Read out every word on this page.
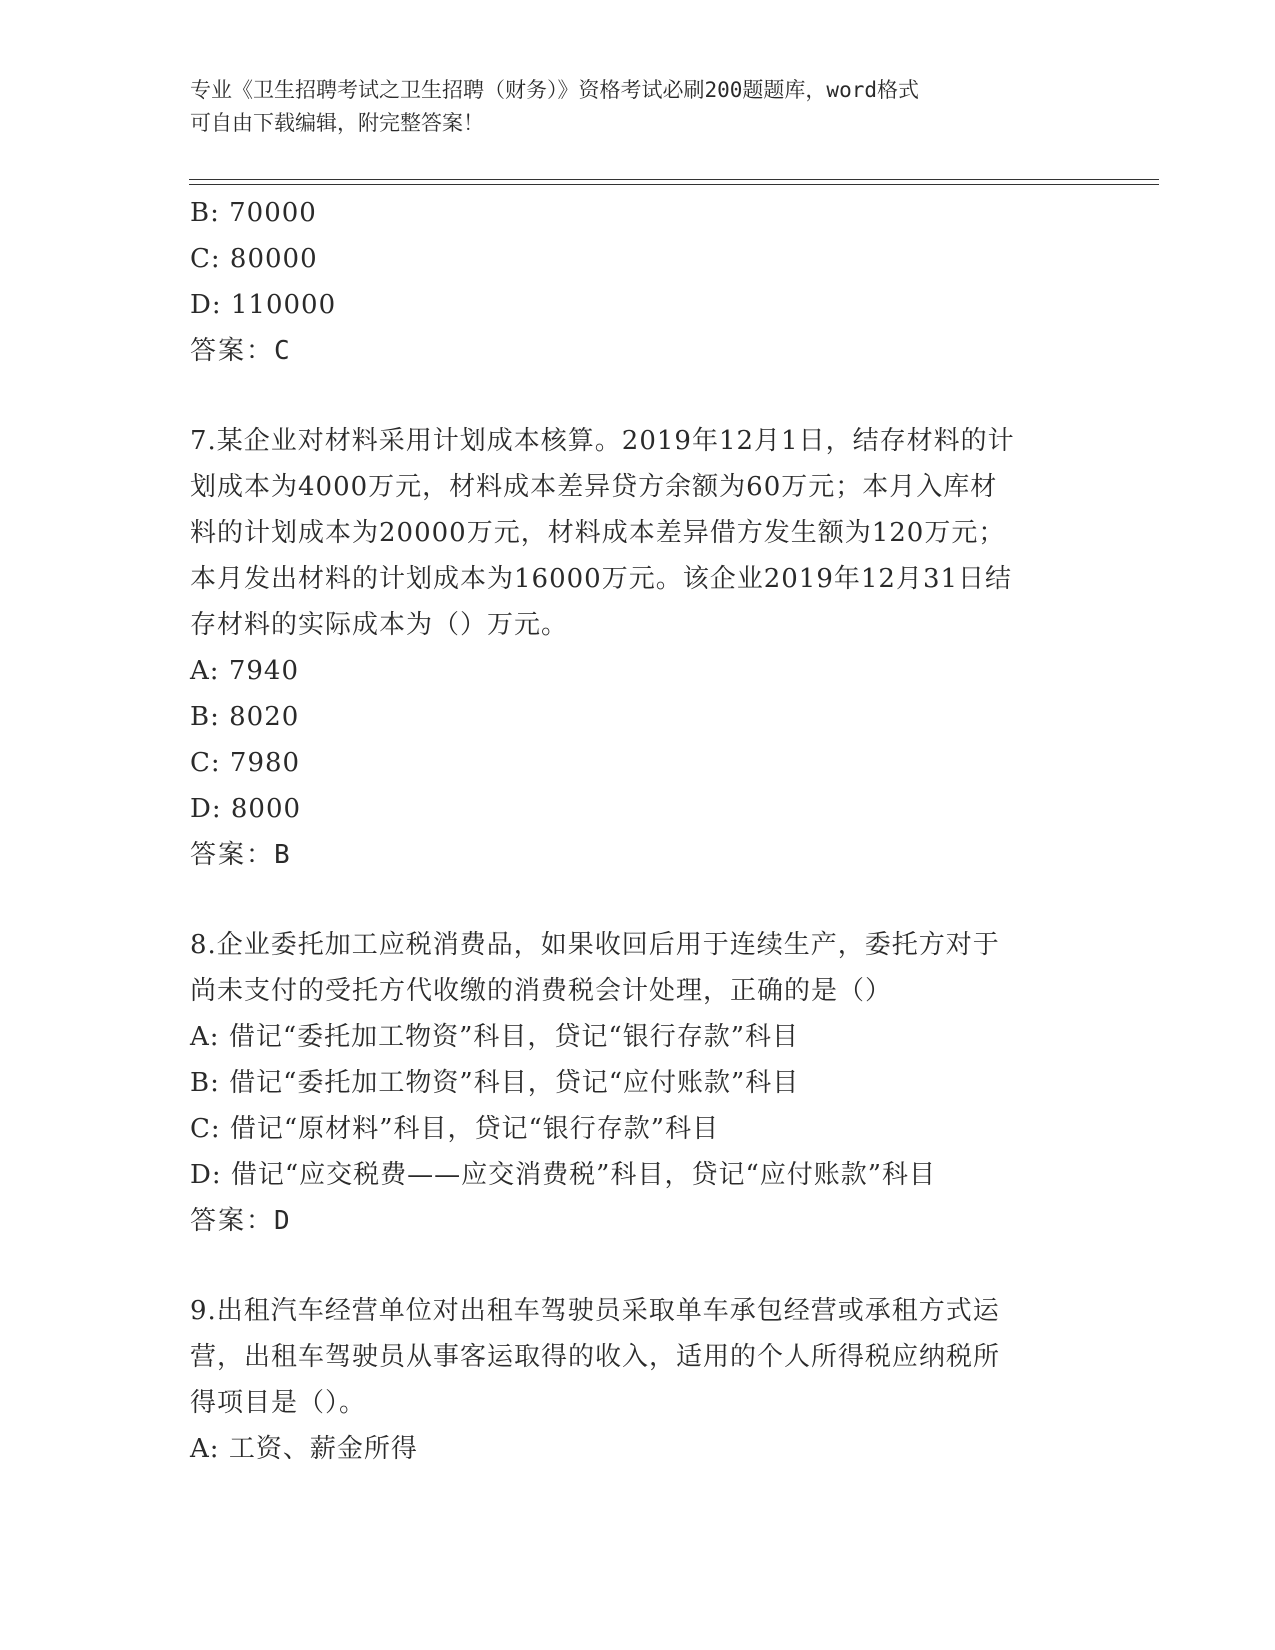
专业《卫生招聘考试之卫生招聘（财务）》资格考试必刷200题题库，word格式
可自由下载编辑，附完整答案！
B: 70000
C: 80000
D: 110000
答案：C
7.某企业对材料采用计划成本核算。2019年12月1日，结存材料的计
划成本为4000万元，材料成本差异贷方余额为60万元；本月入库材
料的计划成本为20000万元，材料成本差异借方发生额为120万元；
本月发出材料的计划成本为16000万元。该企业2019年12月31日结
存材料的实际成本为（）万元。
A: 7940
B: 8020
C: 7980
D: 8000
答案：B
8.企业委托加工应税消费品，如果收回后用于连续生产，委托方对于
尚未支付的受托方代收缴的消费税会计处理，正确的是（）
A: 借记“委托加工物资”科目，贷记“银行存款”科目
B: 借记“委托加工物资”科目，贷记“应付账款”科目
C: 借记“原材料”科目，贷记“银行存款”科目
D: 借记“应交税费——应交消费税”科目，贷记“应付账款”科目
答案：D
9.出租汽车经营单位对出租车驾驶员采取单车承包经营或承租方式运
营，出租车驾驶员从事客运取得的收入，适用的个人所得税应纳税所
得项目是（）。
A: 工资、薪金所得
